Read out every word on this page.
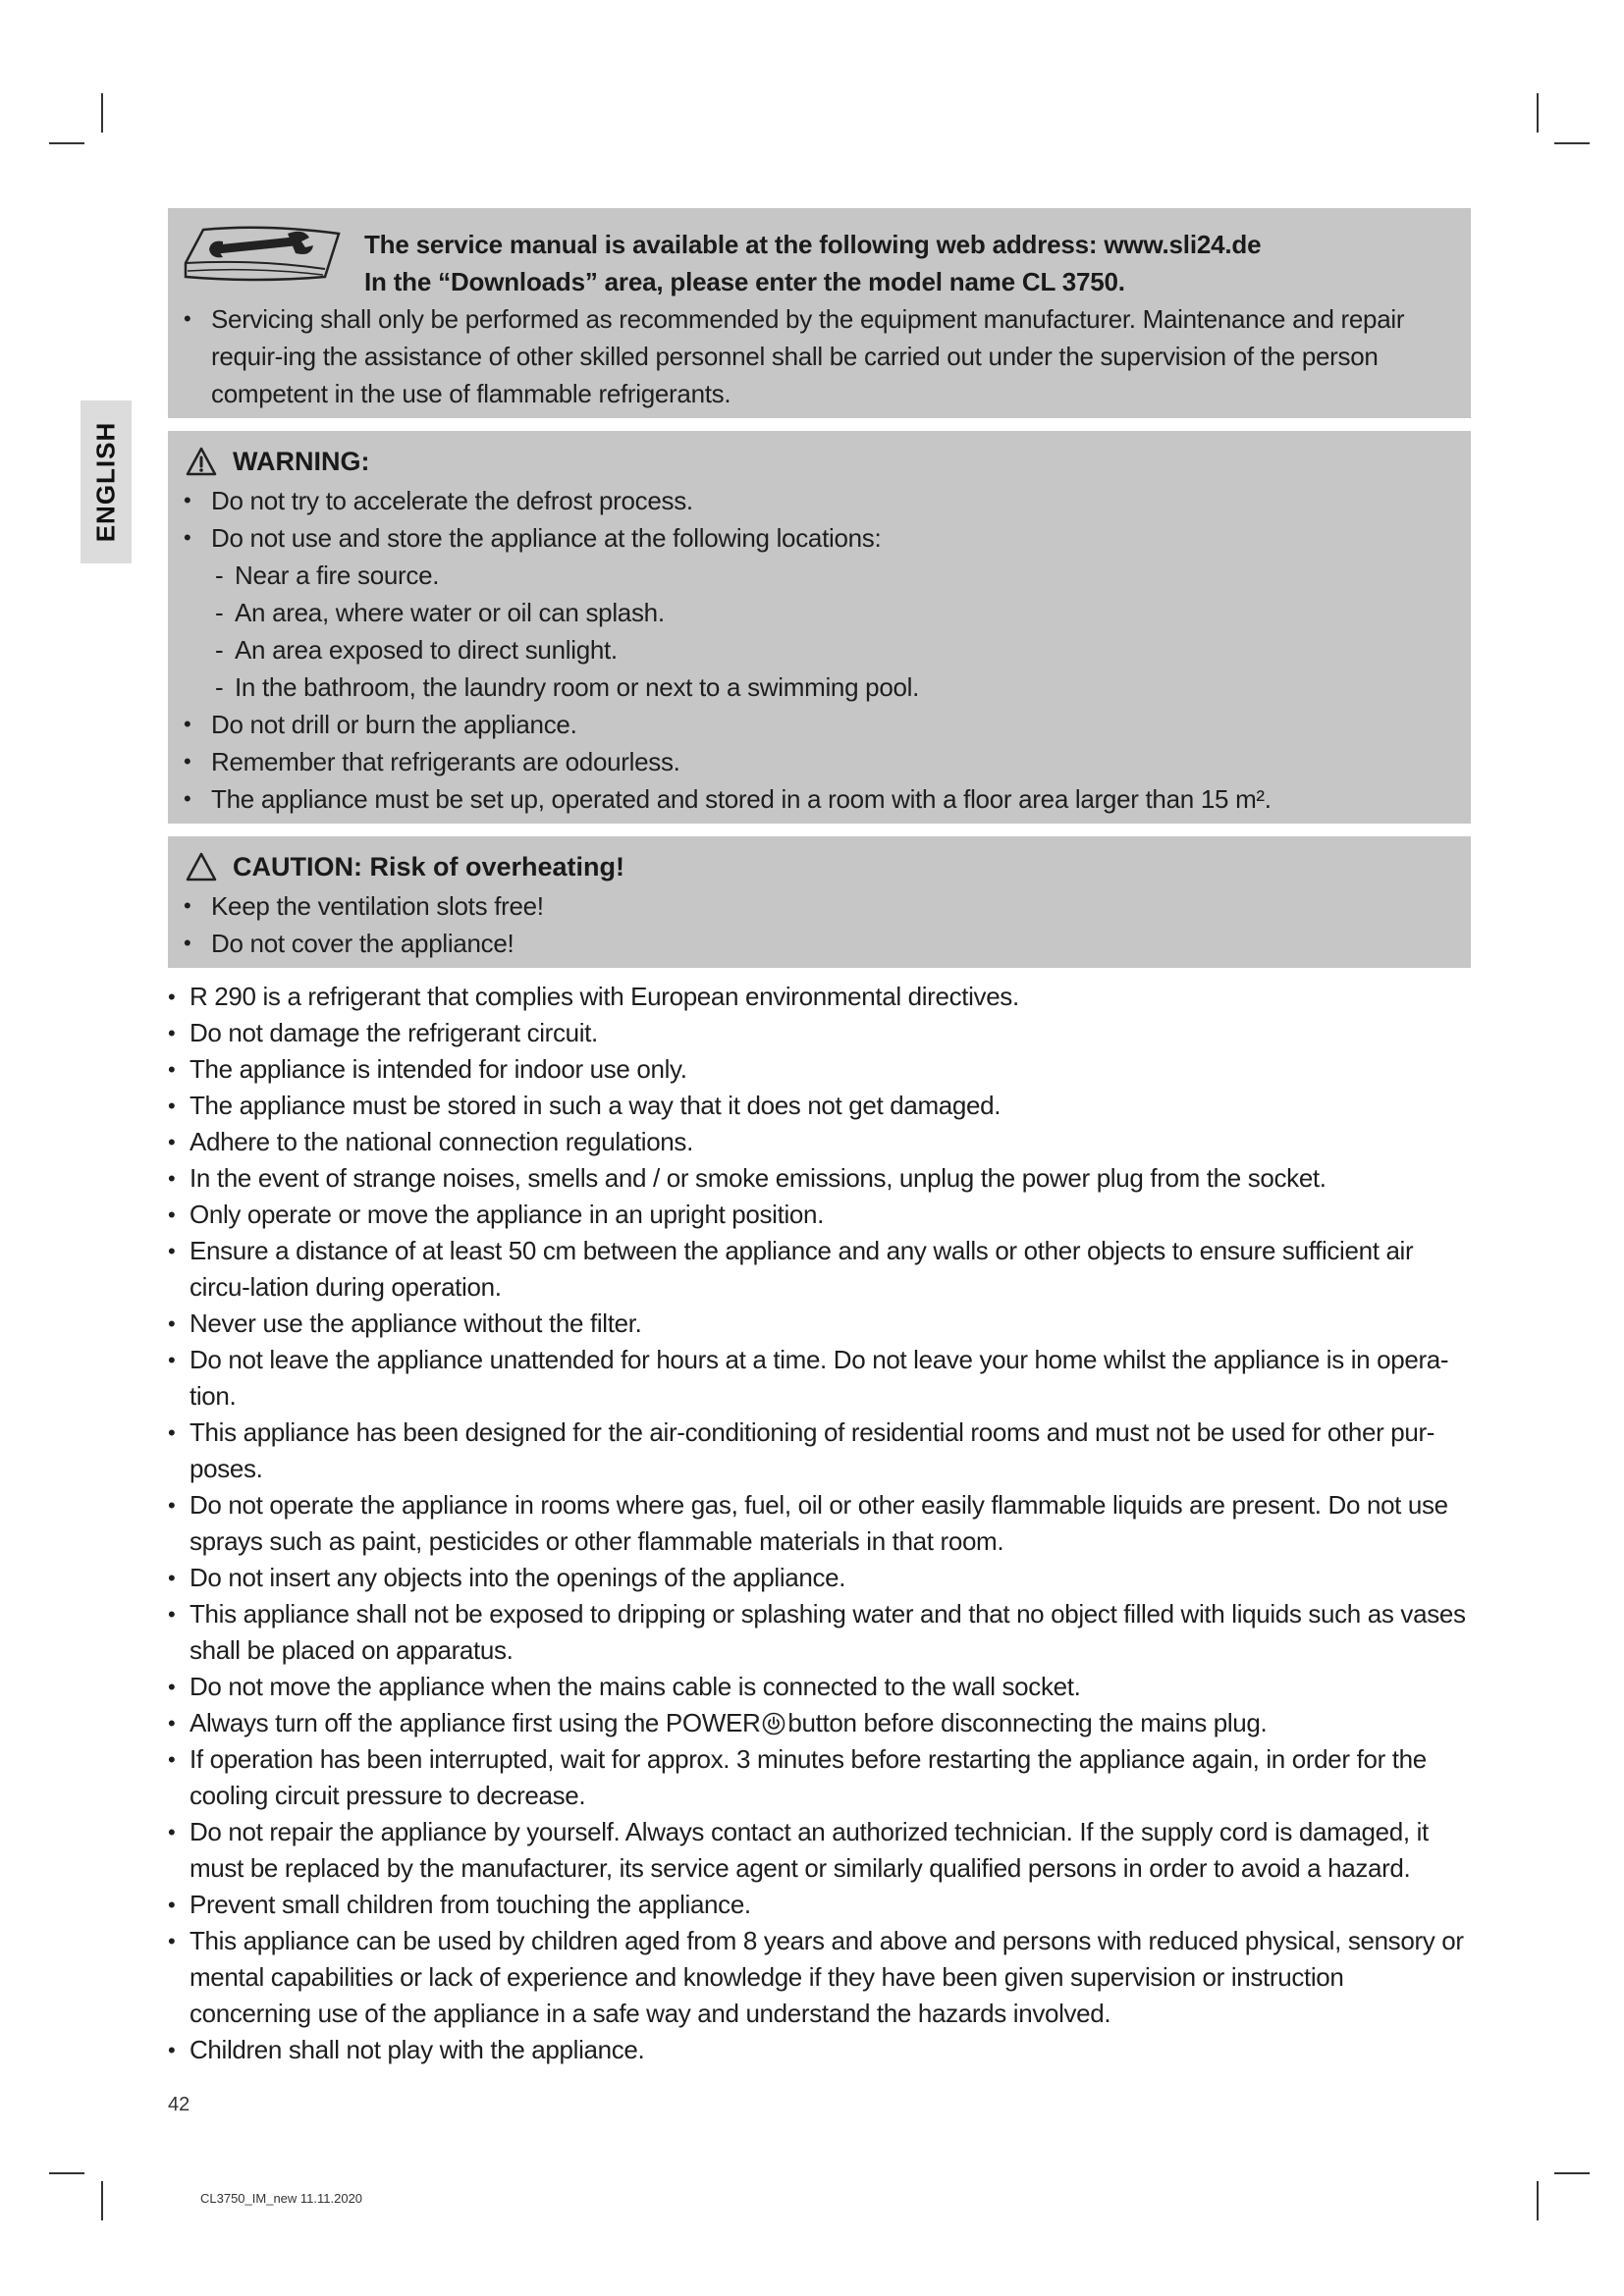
ENGLISH
The service manual is available at the following web address: www.sli24.de
In the “Downloads” area, please enter the model name CL 3750.
• Servicing shall only be performed as recommended by the equipment manufacturer. Maintenance and repair requir-ing the assistance of other skilled personnel shall be carried out under the supervision of the person competent in the use of flammable refrigerants.
WARNING:
• Do not try to accelerate the defrost process.
• Do not use and store the appliance at the following locations:
- Near a fire source.
- An area, where water or oil can splash.
- An area exposed to direct sunlight.
- In the bathroom, the laundry room or next to a swimming pool.
• Do not drill or burn the appliance.
• Remember that refrigerants are odourless.
• The appliance must be set up, operated and stored in a room with a floor area larger than 15 m².
CAUTION: Risk of overheating!
• Keep the ventilation slots free!
• Do not cover the appliance!
• R 290 is a refrigerant that complies with European environmental directives.
• Do not damage the refrigerant circuit.
• The appliance is intended for indoor use only.
• The appliance must be stored in such a way that it does not get damaged.
• Adhere to the national connection regulations.
• In the event of strange noises, smells and / or smoke emissions, unplug the power plug from the socket.
• Only operate or move the appliance in an upright position.
• Ensure a distance of at least 50 cm between the appliance and any walls or other objects to ensure sufficient air circu-lation during operation.
• Never use the appliance without the filter.
• Do not leave the appliance unattended for hours at a time. Do not leave your home whilst the appliance is in opera-tion.
• This appliance has been designed for the air-conditioning of residential rooms and must not be used for other pur-poses.
• Do not operate the appliance in rooms where gas, fuel, oil or other easily flammable liquids are present. Do not use sprays such as paint, pesticides or other flammable materials in that room.
• Do not insert any objects into the openings of the appliance.
• This appliance shall not be exposed to dripping or splashing water and that no object filled with liquids such as vases shall be placed on apparatus.
• Do not move the appliance when the mains cable is connected to the wall socket.
• Always turn off the appliance first using the POWER button before disconnecting the mains plug.
• If operation has been interrupted, wait for approx. 3 minutes before restarting the appliance again, in order for the cooling circuit pressure to decrease.
• Do not repair the appliance by yourself. Always contact an authorized technician. If the supply cord is damaged, it must be replaced by the manufacturer, its service agent or similarly qualified persons in order to avoid a hazard.
• Prevent small children from touching the appliance.
• This appliance can be used by children aged from 8 years and above and persons with reduced physical, sensory or mental capabilities or lack of experience and knowledge if they have been given supervision or instruction concerning use of the appliance in a safe way and understand the hazards involved.
• Children shall not play with the appliance.
42
CL3750_IM_new 11.11.2020
